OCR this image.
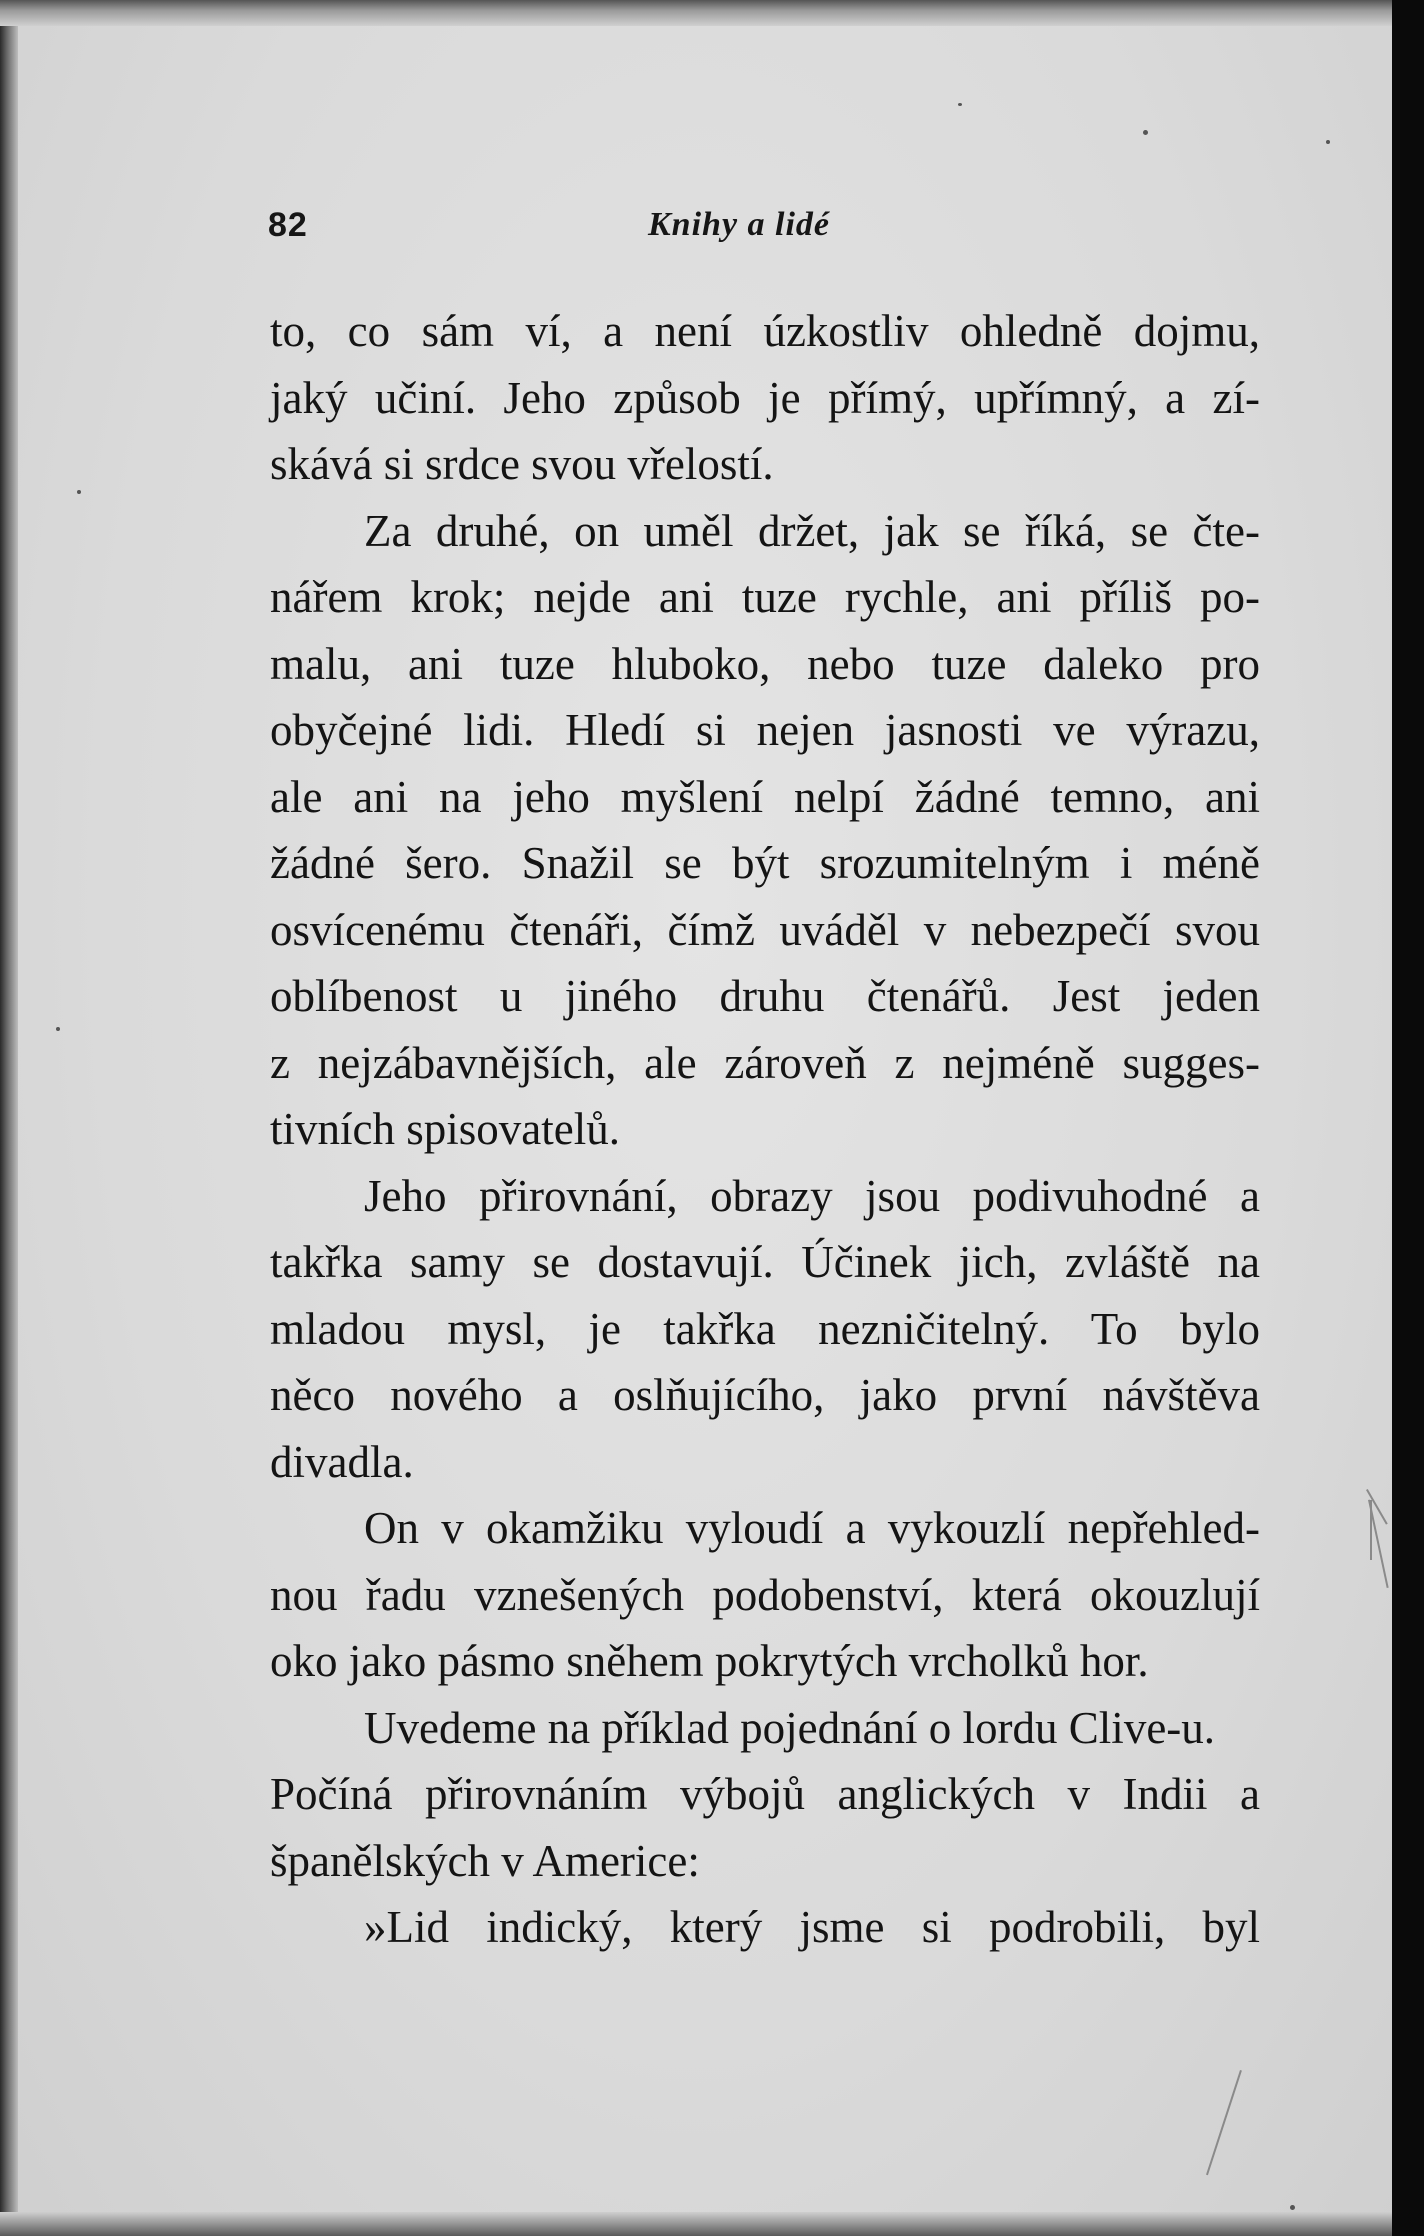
82	Knihy a lidé
to, co sám ví, a není úzkostliv ohledně dojmu,
jaký učiní. Jeho způsob je přímý, upřímný, a zí-
skává si srdce svou vřelostí.
Za druhé, on uměl držet, jak se říká, se čte-
nářem krok; nejde ani tuze rychle, ani příliš po-
malu, ani tuze hluboko, nebo tuze daleko pro
obyčejné lidi. Hledí si nejen jasnosti ve výrazu,
ale ani na jeho myšlení nelpí žádné temno, ani
žádné šero. Snažil se být srozumitelným i méně
osvícenému čtenáři, čímž uváděl v nebezpečí svou
oblíbenost u jiného druhu čtenářů. Jest jeden
z nejzábavnějších, ale zároveň z nejméně sugges-
tivních spisovatelů.
Jeho přirovnání, obrazy jsou podivuhodné a
takřka samy se dostavují. Účinek jich, zvláště na
mladou mysl, je takřka nezničitelný. To bylo
něco nového a oslňujícího, jako první návštěva
divadla.
On v okamžiku vyloudí a vykouzlí nepřehled-
nou řadu vznešených podobenství, která okouzlují
oko jako pásmo sněhem pokrytých vrcholků hor.
Uvedeme na příklad pojednání o lordu Clive-u.
Počíná přirovnáním výbojů anglických v Indii a
španělských v Americe:
»Lid indický, který jsme si podrobili, byl
